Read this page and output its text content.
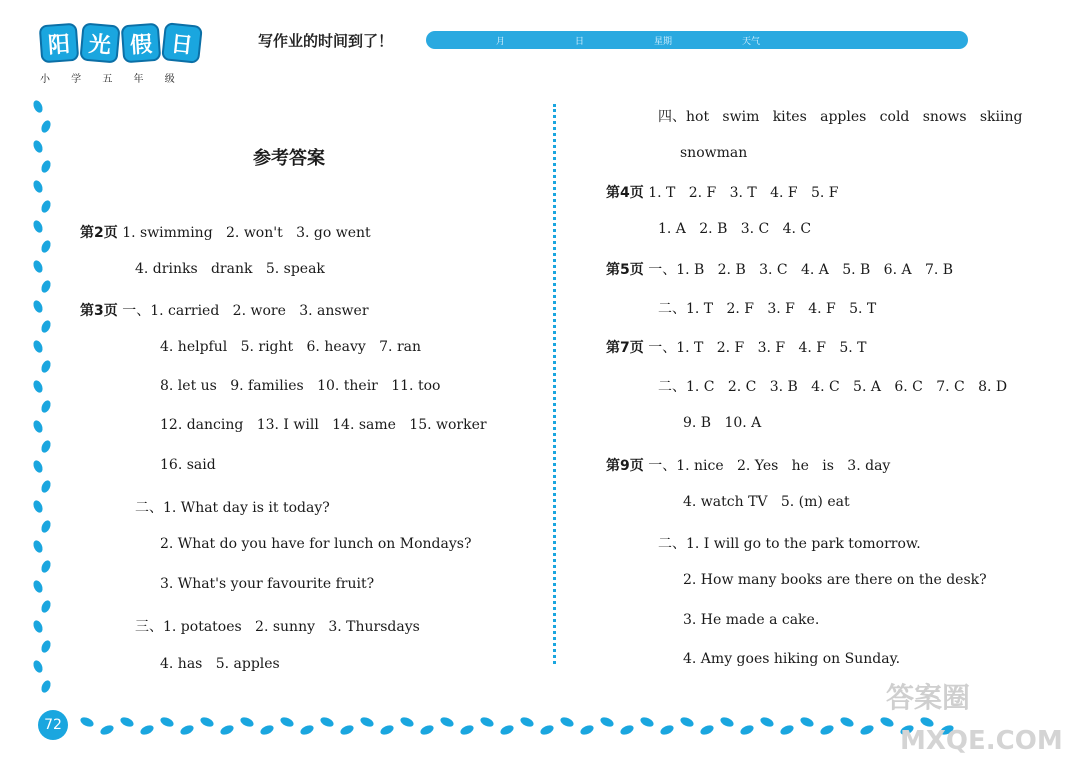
阳 光 假 日
小 学 五 年 级
写作业的时间到了！	月	日	星期	天气
72
参考答案
第2页 1. swimming   2. won't   3. go went
4. drinks   drank   5. speak
第3页 一、1. carried   2. wore   3. answer
4. helpful   5. right   6. heavy   7. ran
8. let us   9. families   10. their   11. too
12. dancing   13. I will   14. same   15. worker
16. said
二、1. What day is it today?
2. What do you have for lunch on Mondays?
3. What's your favourite fruit?
三、1. potatoes   2. sunny   3. Thursdays
4. has   5. apples
四、hot   swim   kites   apples   cold   snows   skiing
snowman
第4页 1. T   2. F   3. T   4. F   5. F
1. A   2. B   3. C   4. C
第5页 一、1. B   2. B   3. C   4. A   5. B   6. A   7. B
二、1. T   2. F   3. F   4. F   5. T
第7页 一、1. T   2. F   3. F   4. F   5. T
二、1. C   2. C   3. B   4. C   5. A   6. C   7. C   8. D
9. B   10. A
第9页 一、1. nice   2. Yes   he   is   3. day
4. watch TV   5. (m) eat
二、1. I will go to the park tomorrow.
2. How many books are there on the desk?
3. He made a cake.
4. Amy goes hiking on Sunday.
答案圈
MXQE.COM
